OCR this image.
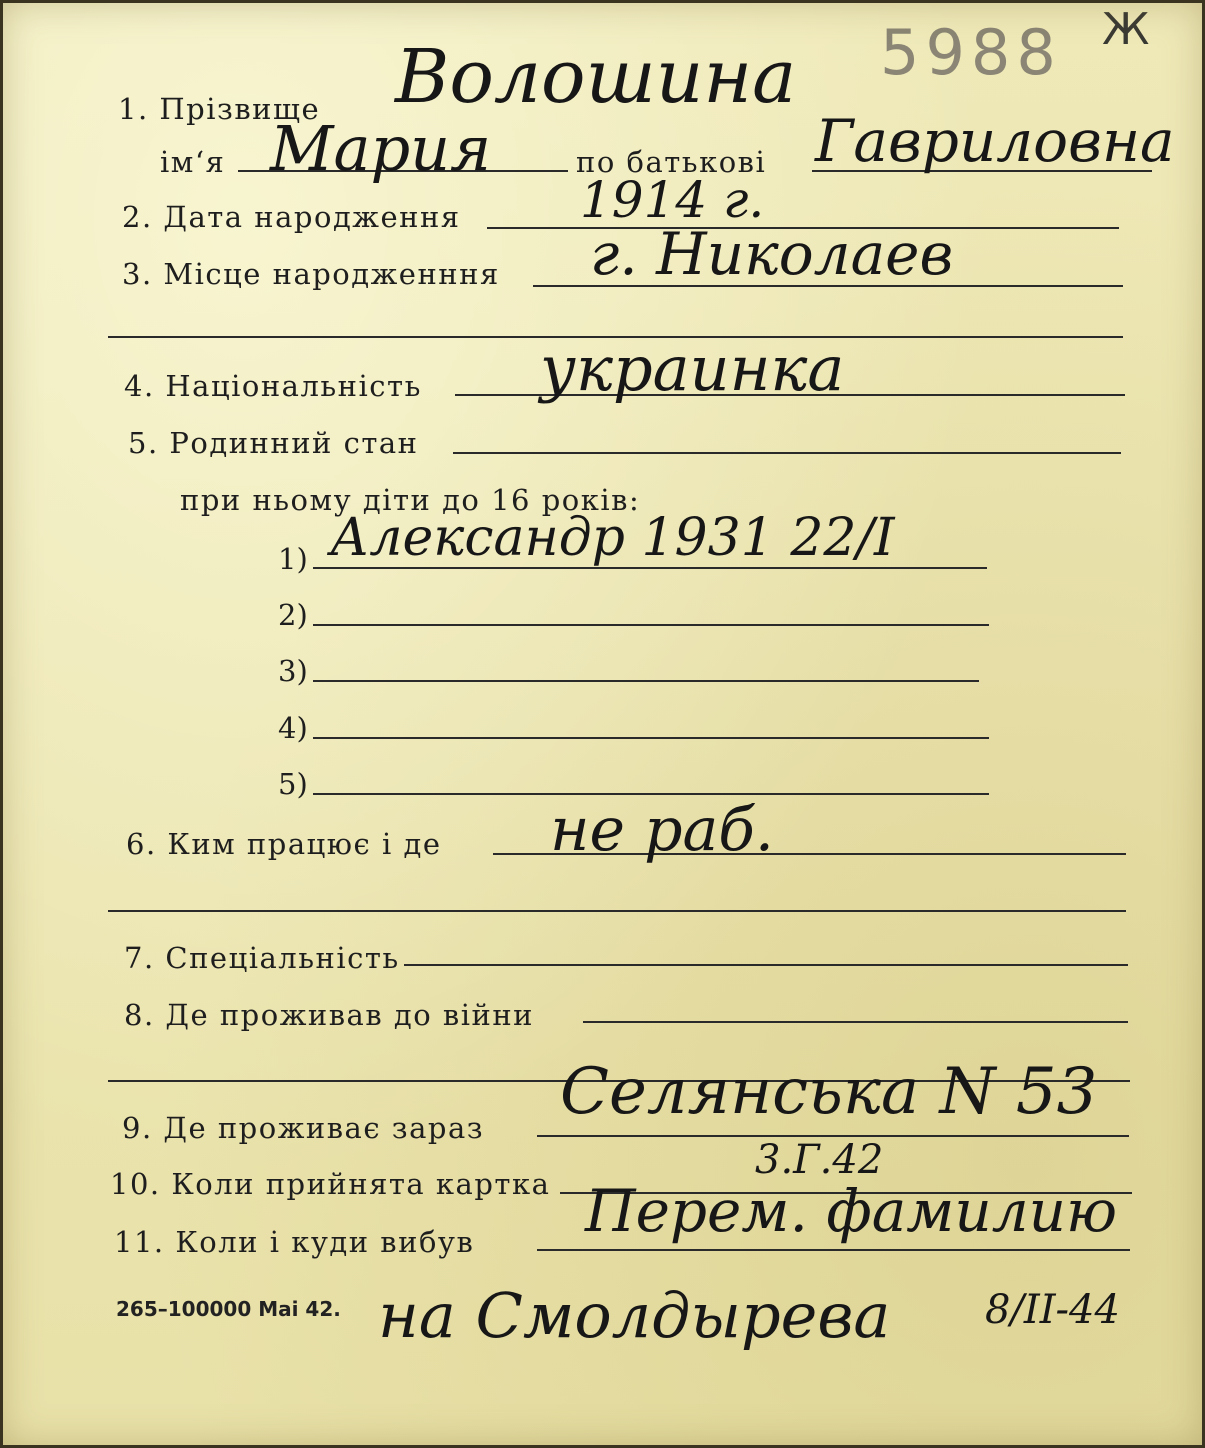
5988 Ж
1. Прізвище Волошина
ім‘я Мария	по батькові Гавриловна
2. Дата народження 1914 г.
3. Місце народженння г. Николаев
4. Національність украинка
5. Родинний стан
при ньому діти до 16 років:
1) Александр 1931 22/I
2)
3)
4)
5)
6. Ким працює і де не раб.
7. Спеціальність
8. Де проживав до війни
9. Де проживає зараз Селянська N 53
10. Коли прийнята картка
3.Г.42
Перем. фамилию
11. Коли і куди вибув
265–100000 Mai 42. на Смолдырева 8/II-44
